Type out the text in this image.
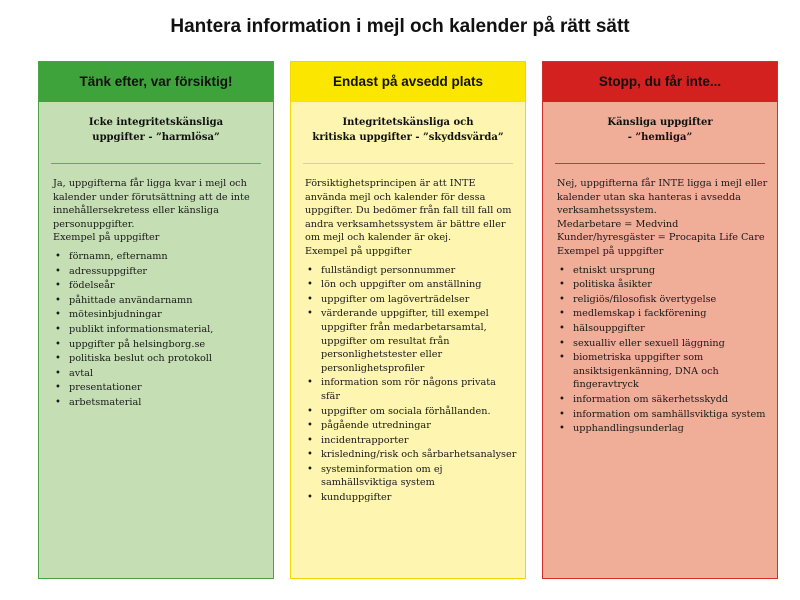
Hantera information i mejl och kalender på rätt sätt
Tänk efter, var försiktig!
Icke integritetskänsliga
uppgifter - ”harmlösa”

Ja, uppgifterna får ligga kvar i mejl och kalender under förutsättning att de inte innehållersekretess eller känsliga personuppgifter.

Exempel på uppgifter

• förnamn, efternamn
• adressuppgifter
• födelseår
• påhittade användarnamn
• mötesinbjudningar
• publikt informationsmaterial,
• uppgifter på helsingborg.se
• politiska beslut och protokoll
• avtal
• presentationer
• arbetsmaterial
Endast på avsedd plats
Integritetskänsliga och
kritiska uppgifter - ”skyddsvärda”

Försiktighetsprincipen är att INTE använda mejl och kalender för dessa uppgifter. Du bedömer från fall till fall om andra verksamhetssystem är bättre eller om mejl och kalender är okej.

Exempel på uppgifter

• fullständigt personnummer
• lön och uppgifter om anställning
• uppgifter om lagöverträdelser
• värderande uppgifter, till exempel uppgifter från medarbetarsamtal, uppgifter om resultat från personlighetstester eller personlighetsprofiler
• information som rör någons privata sfär
• uppgifter om sociala förhållanden.
• pågående utredningar
• incidentrapporter
• krisledning/risk och sårbarhetsanalyser
• systeminformation om ej samhällsviktiga system
• kunduppgifter
Stopp, du får inte...
Känsliga uppgifter
- ”hemliga”

Nej, uppgifterna får INTE ligga i mejl eller kalender utan ska hanteras i avsedda verksamhetssystem.

Medarbetare = Medvind

Kunder/hyresgäster = Procapita Life Care

Exempel på uppgifter

• etniskt ursprung
• politiska åsikter
• religiös/filosofisk övertygelse
• medlemskap i fackförening
• hälsouppgifter
• sexualliv eller sexuell läggning
• biometriska uppgifter som ansiktsigenkänning, DNA och fingeravtryck
• information om säkerhetsskydd
• information om samhällsviktiga system
• upphandlingsunderlag
